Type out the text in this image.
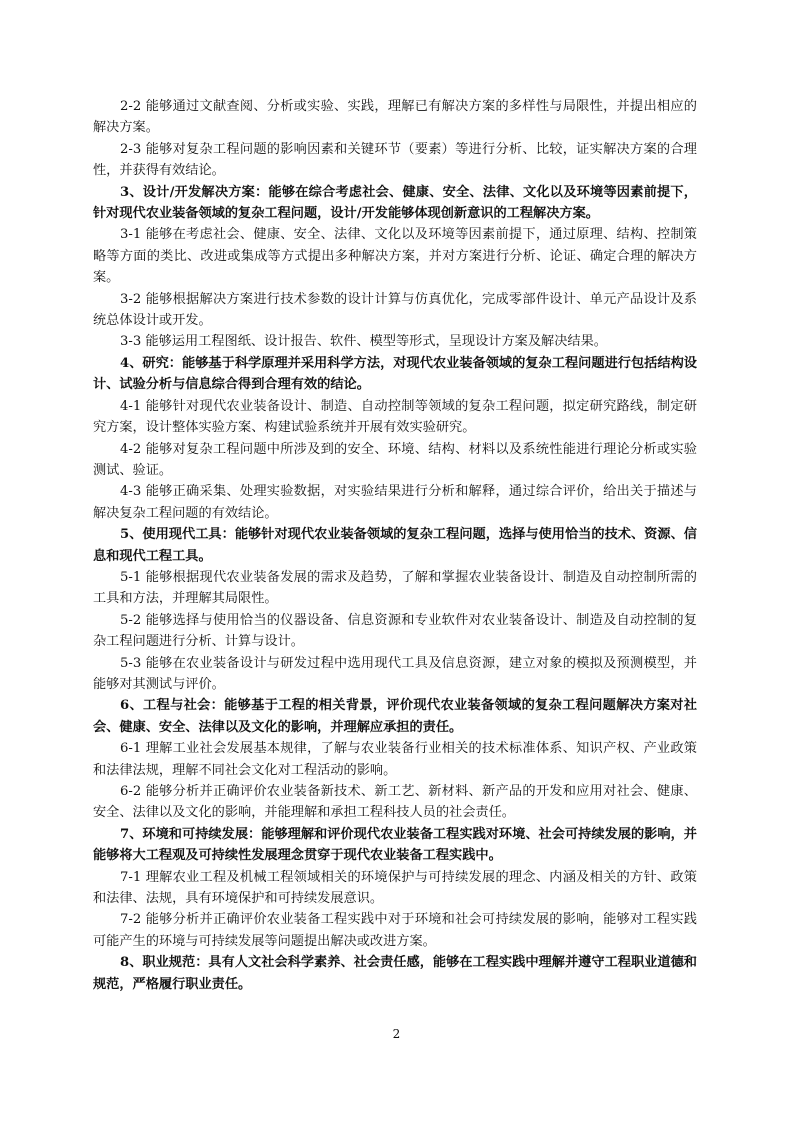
2-2 能够通过文献查阅、分析或实验、实践，理解已有解决方案的多样性与局限性，并提出相应的解决方案。

2-3 能够对复杂工程问题的影响因素和关键环节（要素）等进行分析、比较，证实解决方案的合理性，并获得有效结论。

3、设计/开发解决方案：能够在综合考虑社会、健康、安全、法律、文化以及环境等因素前提下，针对现代农业装备领域的复杂工程问题，设计/开发能够体现创新意识的工程解决方案。

3-1 能够在考虑社会、健康、安全、法律、文化以及环境等因素前提下，通过原理、结构、控制策略等方面的类比、改进或集成等方式提出多种解决方案，并对方案进行分析、论证、确定合理的解决方案。

3-2 能够根据解决方案进行技术参数的设计计算与仿真优化，完成零部件设计、单元产品设计及系统总体设计或开发。

3-3 能够运用工程图纸、设计报告、软件、模型等形式，呈现设计方案及解决结果。

4、研究：能够基于科学原理并采用科学方法，对现代农业装备领域的复杂工程问题进行包括结构设计、试验分析与信息综合得到合理有效的结论。

4-1 能够针对现代农业装备设计、制造、自动控制等领域的复杂工程问题，拟定研究路线，制定研究方案，设计整体实验方案、构建试验系统并开展有效实验研究。

4-2 能够对复杂工程问题中所涉及到的安全、环境、结构、材料以及系统性能进行理论分析或实验测试、验证。

4-3 能够正确采集、处理实验数据，对实验结果进行分析和解释，通过综合评价，给出关于描述与解决复杂工程问题的有效结论。

5、使用现代工具：能够针对现代农业装备领域的复杂工程问题，选择与使用恰当的技术、资源、信息和现代工程工具。

5-1 能够根据现代农业装备发展的需求及趋势，了解和掌握农业装备设计、制造及自动控制所需的工具和方法，并理解其局限性。

5-2 能够选择与使用恰当的仪器设备、信息资源和专业软件对农业装备设计、制造及自动控制的复杂工程问题进行分析、计算与设计。

5-3 能够在农业装备设计与研发过程中选用现代工具及信息资源，建立对象的模拟及预测模型，并能够对其测试与评价。

6、工程与社会：能够基于工程的相关背景，评价现代农业装备领域的复杂工程问题解决方案对社会、健康、安全、法律以及文化的影响，并理解应承担的责任。

6-1 理解工业社会发展基本规律，了解与农业装备行业相关的技术标准体系、知识产权、产业政策和法律法规，理解不同社会文化对工程活动的影响。

6-2 能够分析并正确评价农业装备新技术、新工艺、新材料、新产品的开发和应用对社会、健康、安全、法律以及文化的影响，并能理解和承担工程科技人员的社会责任。

7、环境和可持续发展：能够理解和评价现代农业装备工程实践对环境、社会可持续发展的影响，并能够将大工程观及可持续性发展理念贯穿于现代农业装备工程实践中。

7-1 理解农业工程及机械工程领域相关的环境保护与可持续发展的理念、内涵及相关的方针、政策和法律、法规，具有环境保护和可持续发展意识。

7-2 能够分析并正确评价农业装备工程实践中对于环境和社会可持续发展的影响，能够对工程实践可能产生的环境与可持续发展等问题提出解决或改进方案。

8、职业规范：具有人文社会科学素养、社会责任感，能够在工程实践中理解并遵守工程职业道德和规范，严格履行职业责任。

2
